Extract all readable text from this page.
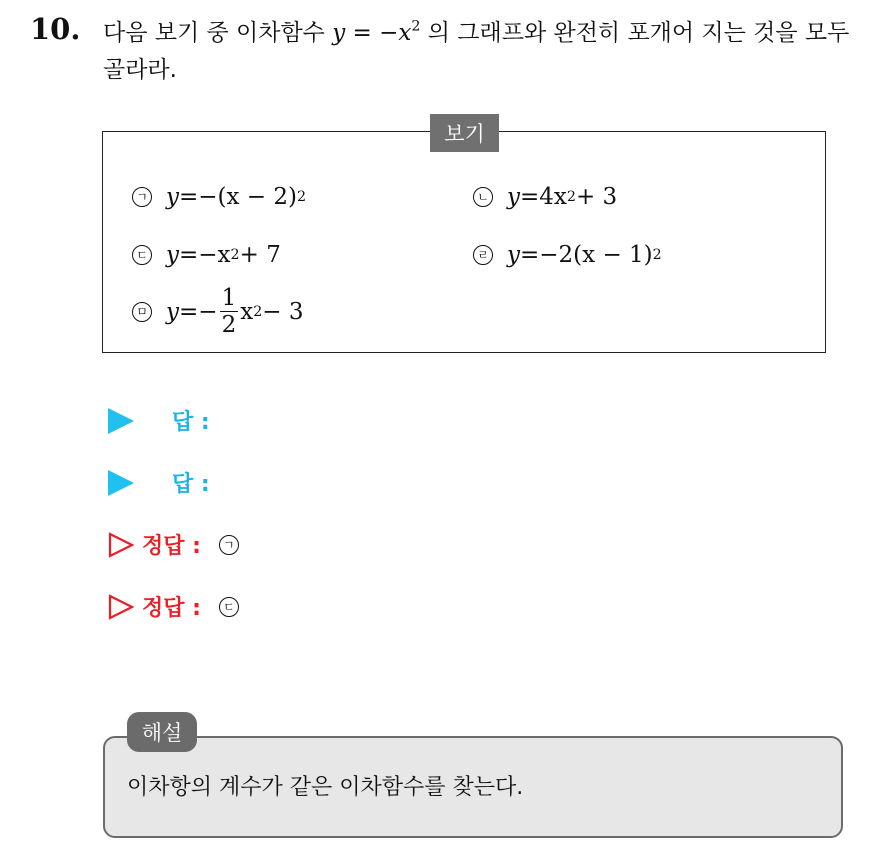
10. 다음 보기 중 이차함수 $y = -x^2$ 의 그래프와 완전히 포개어 지는 것을 모두 골라라.
보기
ㄱ y = −(x − 2) 2	ㄴ y = 4x 2 + 3
ㄷ y = −x 2 + 7	ㄹ y = −2(x − 1) 2
ㅁ y = − $\frac{1}{2}$ x 2 − 3
답 :
답 :
정답 :	ㄱ
정답 :	ㄷ
해설
이차항의 계수가 같은 이차함수를 찾는다.
